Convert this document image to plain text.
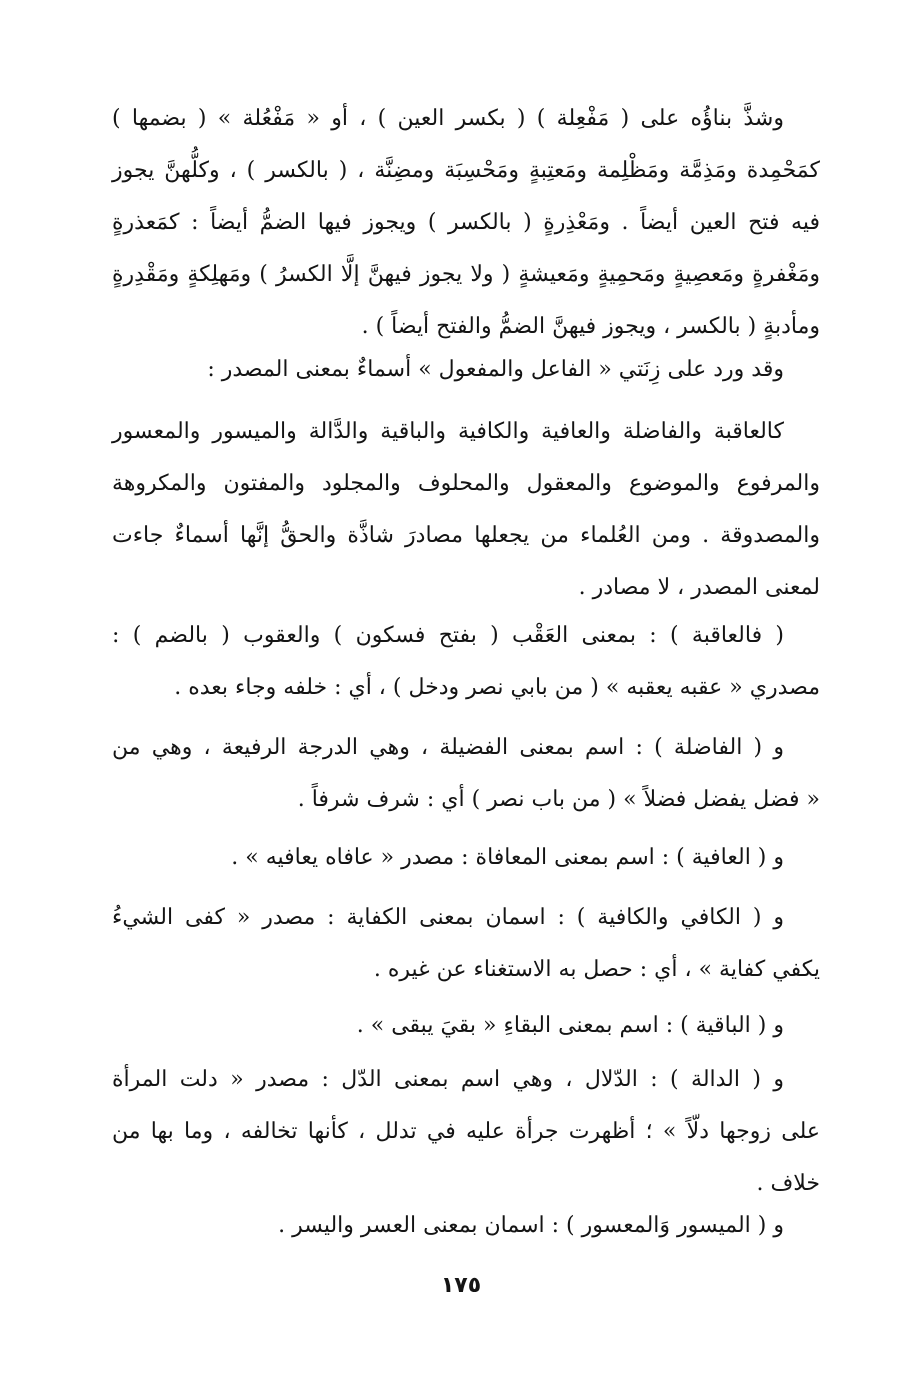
وشذَّ بناؤُه على ( مَفْعِلة ) ( بكسر العين ) ، أو « مَفْعُلة » ( بضمها )
كمَحْمِدة ومَذِمَّة ومَظْلِمة ومَعتِبةٍ ومَحْسِبَة ومضِنَّة ، ( بالكسر ) ، وكلُّهنَّ يجوز
فيه فتح العين أيضاً . ومَعْذِرةٍ ( بالكسر ) ويجوز فيها الضمُّ أيضاً : كمَعذرةٍ
ومَغْفرةٍ ومَعصِيةٍ ومَحمِيةٍ ومَعيشةٍ ( ولا يجوز فيهنَّ إلَّا الكسرُ ) ومَهلِكةٍ ومَقْدِرةٍ
ومأدبةٍ ( بالكسر ، ويجوز فيهنَّ الضمُّ والفتح أيضاً ) .
وقد ورد على زِنَتي « الفاعل والمفعول » أسماءٌ بمعنى المصدر :
كالعاقبة والفاضلة والعافية والكافية والباقية والدَّالة والميسور والمعسور
والمرفوع والموضوع والمعقول والمحلوف والمجلود والمفتون والمكروهة
والمصدوقة . ومن العُلماء من يجعلها مصادرَ شاذَّة والحقُّ إنَّها أسماءٌ جاءت
لمعنى المصدر ، لا مصادر .
( فالعاقبة ) : بمعنى العَقْب ( بفتح فسكون ) والعقوب ( بالضم ) :
مصدري « عقبه يعقبه » ( من بابي نصر ودخل ) ، أي : خلفه وجاء بعده .
و ( الفاضلة ) : اسم بمعنى الفضيلة ، وهي الدرجة الرفيعة ، وهي من
« فضل يفضل فضلاً » ( من باب نصر ) أي : شرف شرفاً .
و ( العافية ) : اسم بمعنى المعافاة : مصدر « عافاه يعافيه » .
و ( الكافي والكافية ) : اسمان بمعنى الكفاية : مصدر « كفى الشيءُ
يكفي كفاية » ، أي : حصل به الاستغناء عن غيره .
و ( الباقية ) : اسم بمعنى البقاءِ « بقيَ يبقى » .
و ( الدالة ) : الدّلال ، وهي اسم بمعنى الدّل : مصدر « دلت المرأة
على زوجها دلّاً » ؛ أظهرت جرأة عليه في تدلل ، كأنها تخالفه ، وما بها من
خلاف .
و ( الميسور وَالمعسور ) : اسمان بمعنى العسر واليسر .
١٧٥
